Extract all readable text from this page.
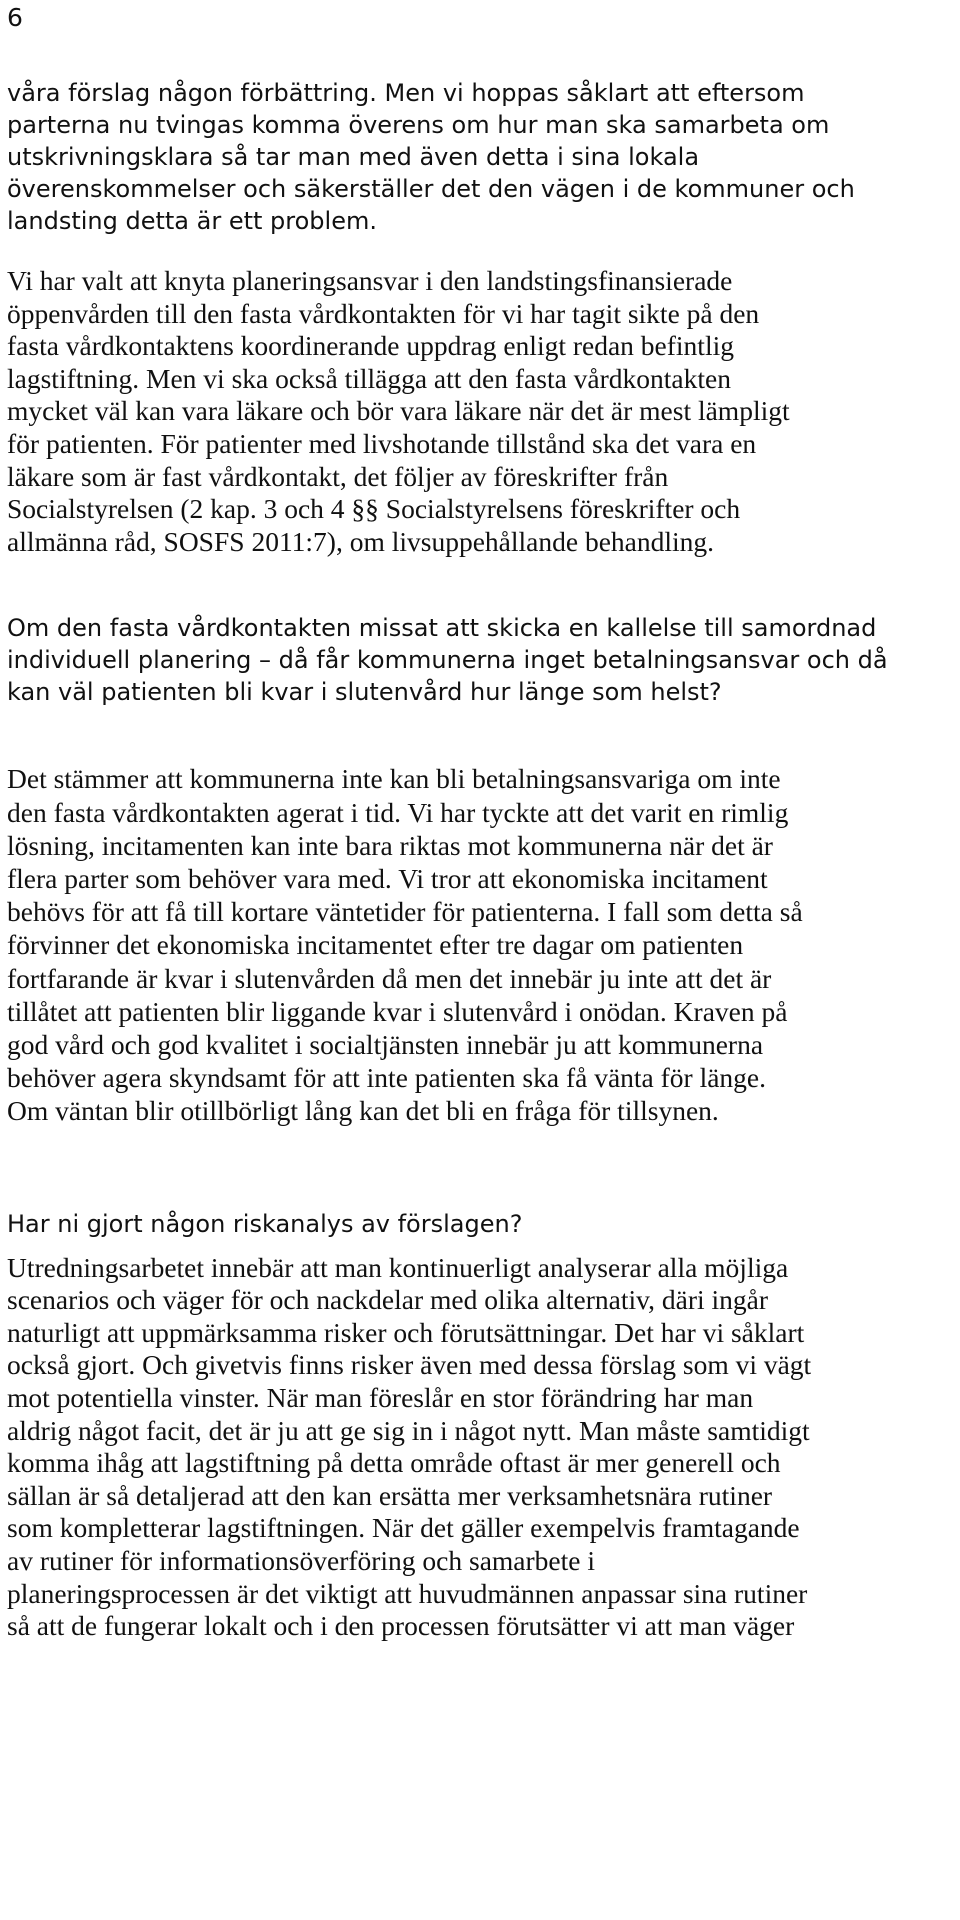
6

våra förslag någon förbättring. Men vi hoppas såklart att eftersom
parterna nu tvingas komma överens om hur man ska samarbeta om
utskrivningsklara så tar man med även detta i sina lokala
överenskommelser och säkerställer det den vägen i de kommuner och
landsting detta är ett problem.

Vi har valt att knyta planeringsansvar i den landstingsfinansierade
öppenvården till den fasta vårdkontakten för vi har tagit sikte på den
fasta vårdkontaktens koordinerande uppdrag enligt redan befintlig
lagstiftning. Men vi ska också tillägga att den fasta vårdkontakten
mycket väl kan vara läkare och bör vara läkare när det är mest lämpligt
för patienten. För patienter med livshotande tillstånd ska det vara en
läkare som är fast vårdkontakt, det följer av föreskrifter från
Socialstyrelsen (2 kap. 3 och 4 §§ Socialstyrelsens föreskrifter och
allmänna råd, SOSFS 2011:7), om livsuppehållande behandling.

Om den fasta vårdkontakten missat att skicka en kallelse till samordnad
individuell planering – då får kommunerna inget betalningsansvar och då
kan väl patienten bli kvar i slutenvård hur länge som helst?

Det stämmer att kommunerna inte kan bli betalningsansvariga om inte
den fasta vårdkontakten agerat i tid. Vi har tyckte att det varit en rimlig
lösning, incitamenten kan inte bara riktas mot kommunerna när det är
flera parter som behöver vara med. Vi tror att ekonomiska incitament
behövs för att få till kortare väntetider för patienterna. I fall som detta så
förvinner det ekonomiska incitamentet efter tre dagar om patienten
fortfarande är kvar i slutenvården då men det innebär ju inte att det är
tillåtet att patienten blir liggande kvar i slutenvård i onödan. Kraven på
god vård och god kvalitet i socialtjänsten innebär ju att kommunerna
behöver agera skyndsamt för att inte patienten ska få vänta för länge.
Om väntan blir otillbörligt lång kan det bli en fråga för tillsynen.

Har ni gjort någon riskanalys av förslagen?

Utredningsarbetet innebär att man kontinuerligt analyserar alla möjliga
scenarios och väger för och nackdelar med olika alternativ, däri ingår
naturligt att uppmärksamma risker och förutsättningar. Det har vi såklart
också gjort. Och givetvis finns risker även med dessa förslag som vi vägt
mot potentiella vinster. När man föreslår en stor förändring har man
aldrig något facit, det är ju att ge sig in i något nytt. Man måste samtidigt
komma ihåg att lagstiftning på detta område oftast är mer generell och
sällan är så detaljerad att den kan ersätta mer verksamhetsnära rutiner
som kompletterar lagstiftningen. När det gäller exempelvis framtagande
av rutiner för informationsöverföring och samarbete i
planeringsprocessen är det viktigt att huvudmännen anpassar sina rutiner
så att de fungerar lokalt och i den processen förutsätter vi att man väger
